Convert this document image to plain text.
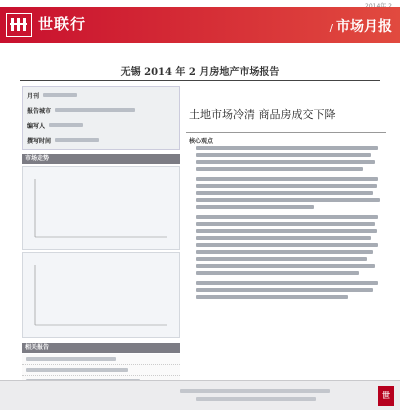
世联行	/ 市场月报
无锡 2014 年 2 月房地产市场报告
月刊
报告城市
编写人
撰写时间
市场走势
相关报告
土地市场冷清 商品房成交下降
核心观点
世
